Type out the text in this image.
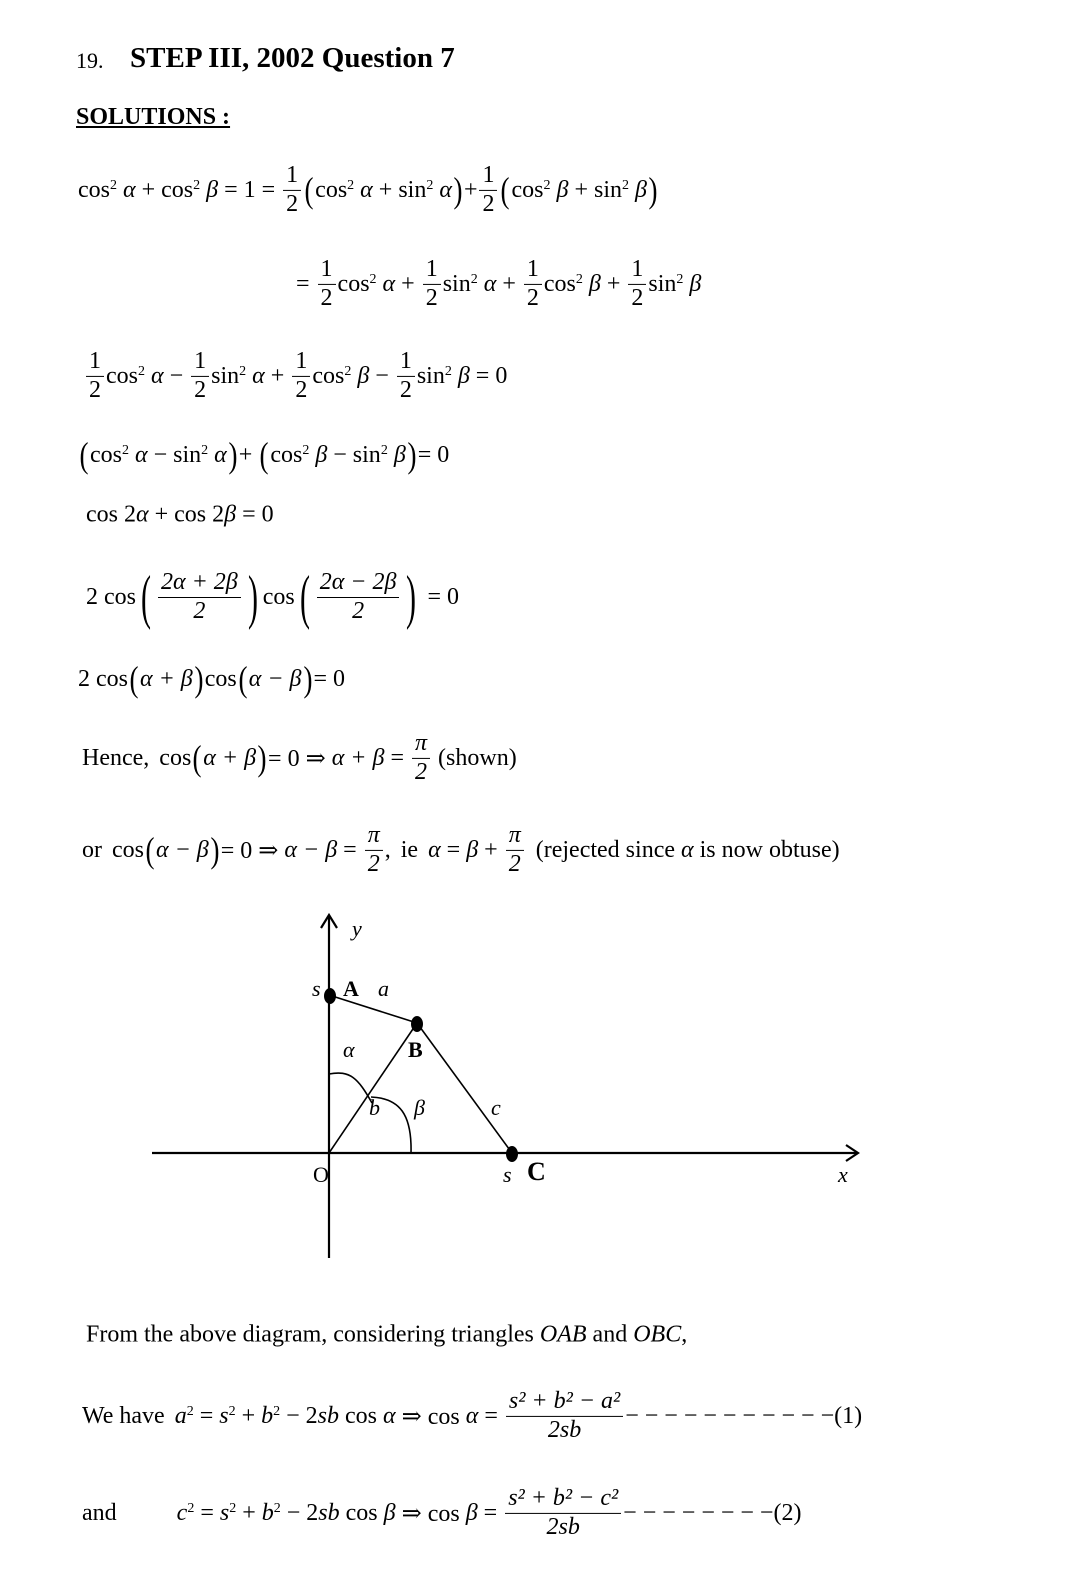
19. STEP III, 2002 Question 7
SOLUTIONS :
$\cos^2 \alpha + \cos^2 \beta = 1 = \frac{1}{2}$ ( $\cos^2 \alpha + \sin^2 \alpha$ ) + $\frac{1}{2}$ ( $\cos^2 \beta + \sin^2 \beta$ )
= $\frac{1}{2} \cos^2 \alpha + \frac{1}{2} \sin^2 \alpha + \frac{1}{2} \cos^2 \beta + \frac{1}{2} \sin^2 \beta$
$\frac{1}{2} \cos^2 \alpha - \frac{1}{2} \sin^2 \alpha + \frac{1}{2} \cos^2 \beta - \frac{1}{2} \sin^2 \beta = 0$
( $\cos^2 \alpha - \sin^2 \alpha$ ) + ( $\cos^2 \beta - \sin^2 \beta$ ) = 0
cos 2 α + cos 2 β = 0
2 cos ( $\frac{2\alpha + 2\beta}{2}$ ) cos ( $\frac{2\alpha - 2\beta}{2}$ ) = 0
2 cos ( α + β ) cos ( α − β ) = 0
Hence, cos ( α + β ) = 0 ⇒ $\alpha + \beta = \frac{\pi}{2}$ (shown)
or cos ( α − β ) = 0 ⇒ $\alpha - \beta = \frac{\pi}{2}$ , ie $\alpha = \beta + \frac{\pi}{2}$ (rejected since α is now obtuse)
y
x
O
s A a
B
α
b β	c
s C
From the above diagram, considering triangles OAB and OBC ,
We have $a^2 = s^2 + b^2 - 2$ sb cos α ⇒ $\cos \alpha = \frac{\text{s² + b² − a²}}{2sb}$ − − − − − − − − − − −(1)
and	$c^2 = s^2 + b^2 - 2$ sb cos β ⇒ $\cos \beta = \frac{\text{s² + b² − c²}}{2sb}$ − − − − − − − −(2)
